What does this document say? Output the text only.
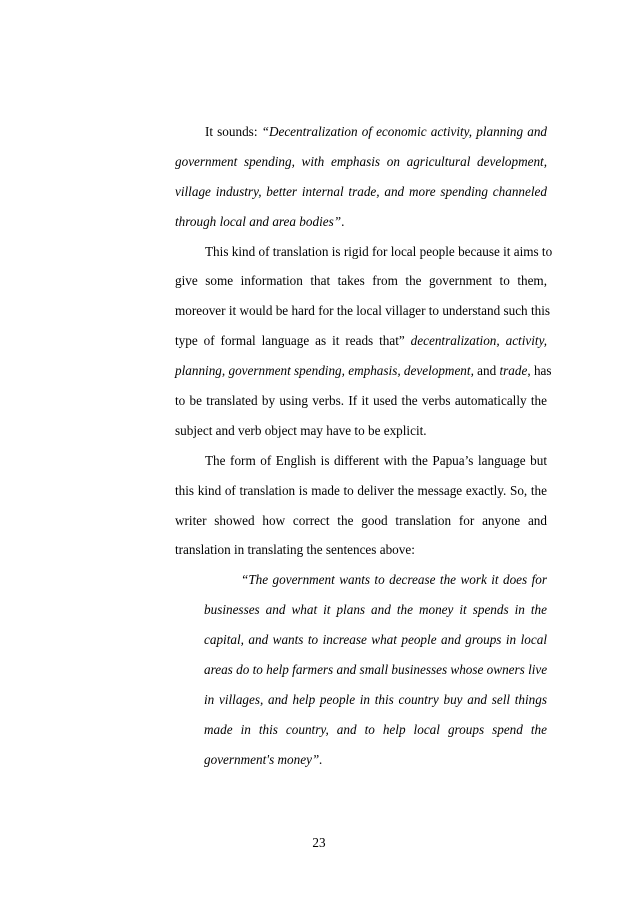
It sounds: “Decentralization of economic activity, planning and
government spending, with emphasis on agricultural development,
village industry, better internal trade, and more spending channeled
through local and area bodies”.
This kind of translation is rigid for local people because it aims to
give some information that takes from the government to them,
moreover it would be hard for the local villager to understand such this
type of formal language as it reads that” decentralization, activity,
planning, government spending, emphasis, development, and trade, has
to be translated by using verbs. If it used the verbs automatically the
subject and verb object may have to be explicit.
The form of English is different with the Papua’s language but
this kind of translation is made to deliver the message exactly. So, the
writer showed how correct the good translation for anyone and
translation in translating the sentences above:
“The government wants to decrease the work it does for
businesses and what it plans and the money it spends in the
capital, and wants to increase what people and groups in local
areas do to help farmers and small businesses whose owners live
in villages, and help people in this country buy and sell things
made in this country, and to help local groups spend the
government's money”.
23
